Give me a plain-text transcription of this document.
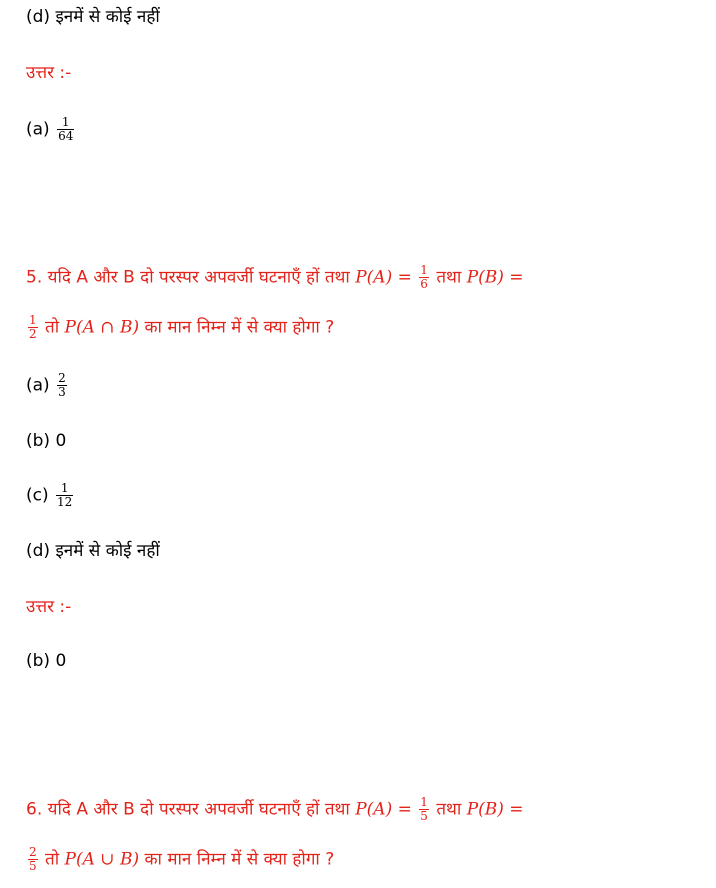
(d) इनमें से कोई नहीं
उत्तर :-
$(a) \frac{1}{64}$
5. यदि A और B दो परस्पर अपवर्जी घटनाएँ हों तथा $P(A) = \frac{1}{6}$ तथा P(B) =
$\frac{1}{2}$ तो P(A ∩ B) का मान निम्न में से क्या होगा ?
$(a) \frac{2}{3}$
(b) 0
$(c) \frac{1}{12}$
(d) इनमें से कोई नहीं
उत्तर :-
(b) 0
6. यदि A और B दो परस्पर अपवर्जी घटनाएँ हों तथा $P(A) = \frac{1}{5}$ तथा P(B) =
$\frac{2}{5}$ तो P(A ∪ B) का मान निम्न में से क्या होगा ?
